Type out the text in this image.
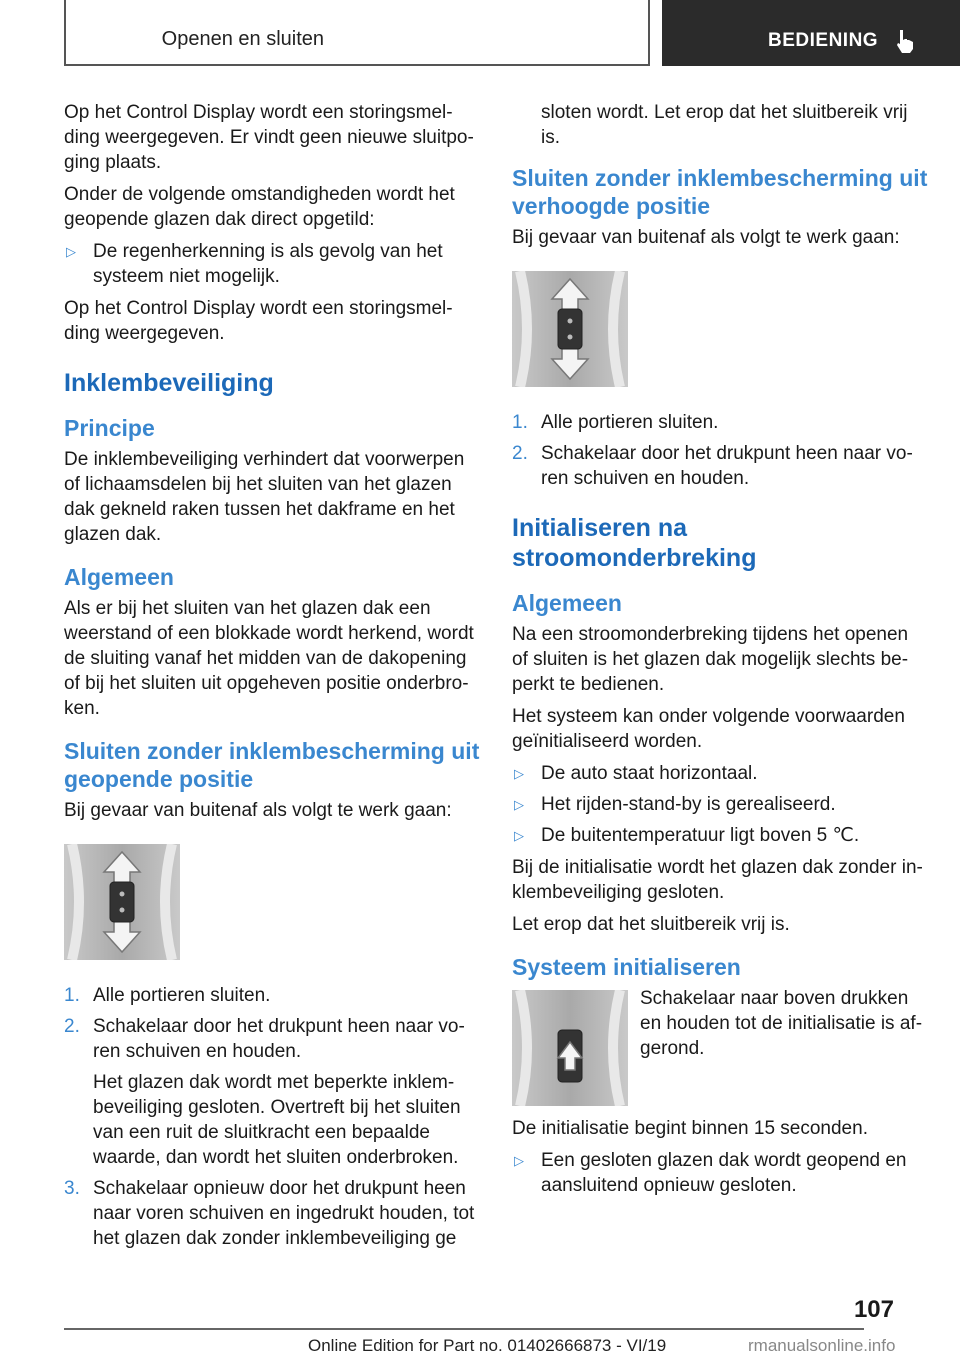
Openen en sluiten	BEDIENING

Op het Control Display wordt een storingsmelding weergegeven. Er vindt geen nieuwe sluitpoging plaats.

Onder de volgende omstandigheden wordt het geopende glazen dak direct opgetild:

▷ De regenherkenning is als gevolg van het systeem niet mogelijk.

Op het Control Display wordt een storingsmelding weergegeven.

Inklembeveiliging
Principe

De inklembeveiliging verhindert dat voorwerpen of lichaamsdelen bij het sluiten van het glazen dak gekneld raken tussen het dakframe en het glazen dak.

Algemeen

Als er bij het sluiten van het glazen dak een weerstand of een blokkade wordt herkend, wordt de sluiting vanaf het midden van de dakopening of bij het sluiten uit opgeheven positie onderbroken.

Sluiten zonder inklembescherming uit geopende positie

Bij gevaar van buitenaf als volgt te werk gaan:

1. Alle portieren sluiten.
2. Schakelaar door het drukpunt heen naar voren schuiven en houden.

Het glazen dak wordt met beperkte inklembeveiliging gesloten. Overtreft bij het sluiten van een ruit de sluitkracht een bepaalde waarde, dan wordt het sluiten onderbroken.

3. Schakelaar opnieuw door het drukpunt heen naar voren schuiven en ingedrukt houden, tot het glazen dak zonder inklembeveiliging ge

sloten wordt. Let erop dat het sluitbereik vrij is.

Sluiten zonder inklembescherming uit verhoogde positie

Bij gevaar van buitenaf als volgt te werk gaan:

1. Alle portieren sluiten.
2. Schakelaar door het drukpunt heen naar voren schuiven en houden.
Initialiseren na stroomonderbreking
Algemeen

Na een stroomonderbreking tijdens het openen of sluiten is het glazen dak mogelijk slechts beperkt te bedienen.

Het systeem kan onder volgende voorwaarden geïnitialiseerd worden.

▷ De auto staat horizontaal.
▷ Het rijden-stand-by is gerealiseerd.
▷ De buitentemperatuur ligt boven 5 ℃.

Bij de initialisatie wordt het glazen dak zonder inklembeveiliging gesloten.

Let erop dat het sluitbereik vrij is.

Systeem initialiseren

Schakelaar naar boven drukken en houden tot de initialisatie is afgerond.

De initialisatie begint binnen 15 seconden.

▷ Een gesloten glazen dak wordt geopend en aansluitend opnieuw gesloten.
107
Online Edition for Part no. 01402666873 - VI/19	rmanualsonline.info
